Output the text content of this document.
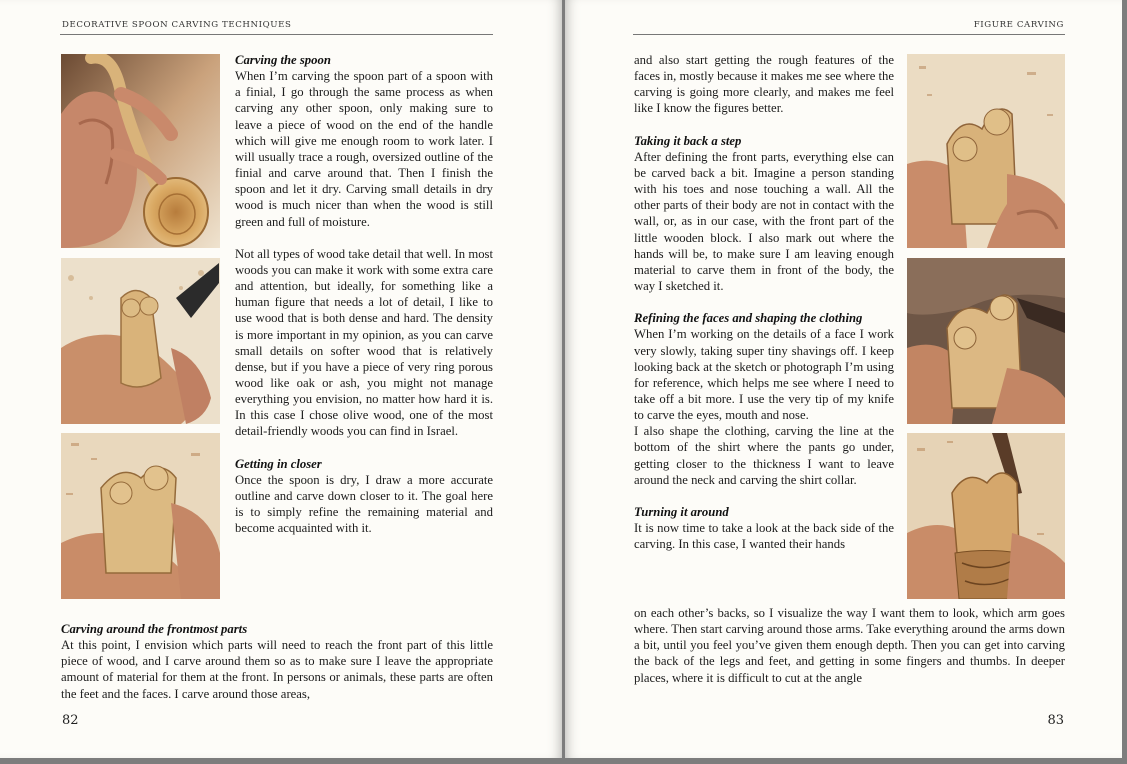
DECORATIVE SPOON CARVING TECHNIQUES

Carving the spoon

When I’m carving the spoon part of a spoon with a finial, I go through the same process as when carving any other spoon, only making sure to leave a piece of wood on the end of the handle which will give me enough room to work later. I will usually trace a rough, oversized outline of the finial and carve around that. Then I finish the spoon and let it dry. Carving small details in dry wood is much nicer than when the wood is still green and full of moisture.

Not all types of wood take detail that well. In most woods you can make it work with some extra care and attention, but ideally, for something like a human figure that needs a lot of detail, I like to use wood that is both dense and hard. The density is more important in my opinion, as you can carve small details on softer wood that is relatively dense, but if you have a piece of very ring porous wood like oak or ash, you might not manage everything you envision, no matter how hard it is. In this case I chose olive wood, one of the most detail-friendly woods you can find in Israel.

Getting in closer

Once the spoon is dry, I draw a more accurate outline and carve down closer to it. The goal here is to simply refine the remaining material and become acquainted with it.

Carving around the frontmost parts

At this point, I envision which parts will need to reach the front part of this little piece of wood, and I carve around them so as to make sure I leave the appropriate amount of material for them at the front. In persons or animals, these parts are often the feet and the faces. I carve around those areas,

82
FIGURE CARVING

and also start getting the rough features of the faces in, mostly because it makes me see where the carving is going more clearly, and makes me feel like I know the figures better.

Taking it back a step

After defining the front parts, everything else can be carved back a bit. Imagine a person standing with his toes and nose touching a wall. All the other parts of their body are not in contact with the wall, or, as in our case, with the front part of the little wooden block. I also mark out where the hands will be, to make sure I am leaving enough material to carve them in front of the body, the way I sketched it.

Refining the faces and shaping the clothing

When I’m working on the details of a face I work very slowly, taking super tiny shavings off. I keep looking back at the sketch or photograph I’m using for reference, which helps me see where I need to take off a bit more. I use the very tip of my knife to carve the eyes, mouth and nose.

I also shape the clothing, carving the line at the bottom of the shirt where the pants go under, getting closer to the thickness I want to leave around the neck and carving the shirt collar.

Turning it around

It is now time to take a look at the back side of the carving. In this case, I wanted their hands

on each other’s backs, so I visualize the way I want them to look, which arm goes where. Then start carving around those arms. Take everything around the arms down a bit, until you feel you’ve given them enough depth. Then you can get into carving the back of the legs and feet, and getting in some fingers and thumbs. In deeper places, where it is difficult to cut at the angle

83
